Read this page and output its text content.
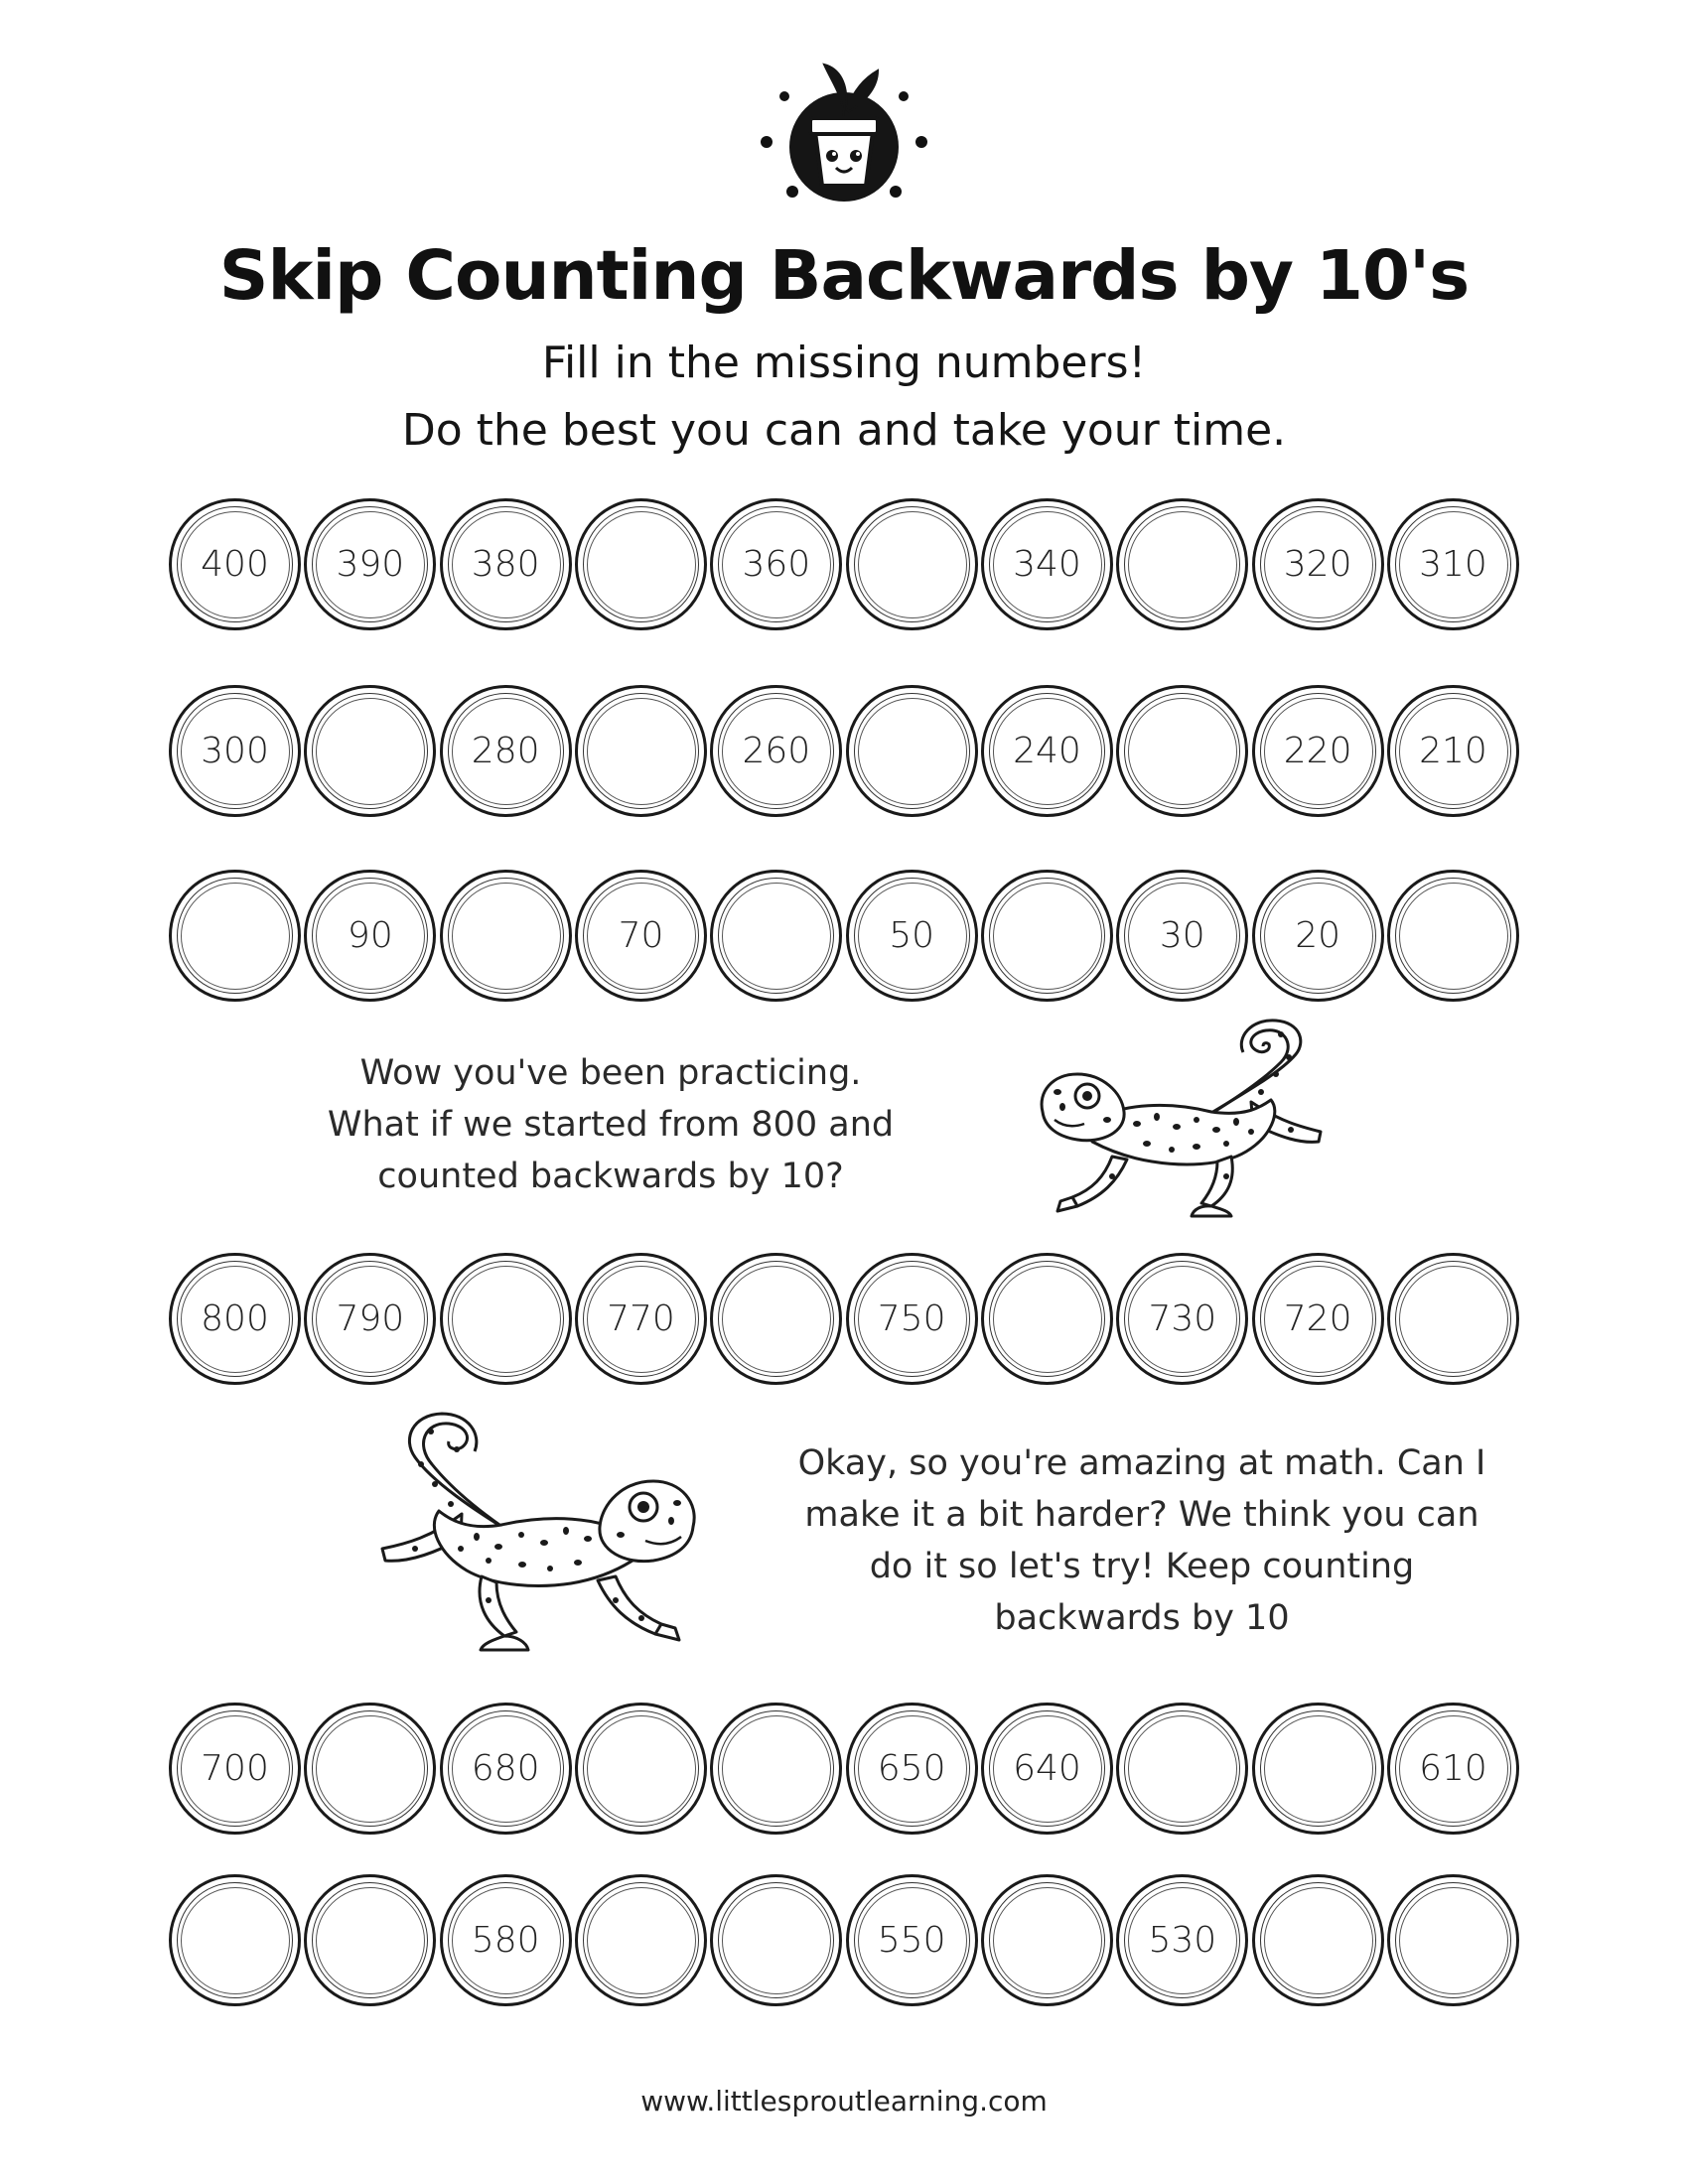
Skip Counting Backwards by 10's
Fill in the missing numbers!
Do the best you can and take your time.
400 390 380	360	340	320 310
300	280	260	240	220 210
90	70	50	30	20
Wow you've been practicing.
What if we started from 800 and
counted backwards by 10?
800 790	770	750	730 720
Okay, so you're amazing at math. Can I
make it a bit harder? We think you can
do it so let's try! Keep counting
backwards by 10
700	680	650 640	610
580	550	530
www.littlesproutlearning.com
